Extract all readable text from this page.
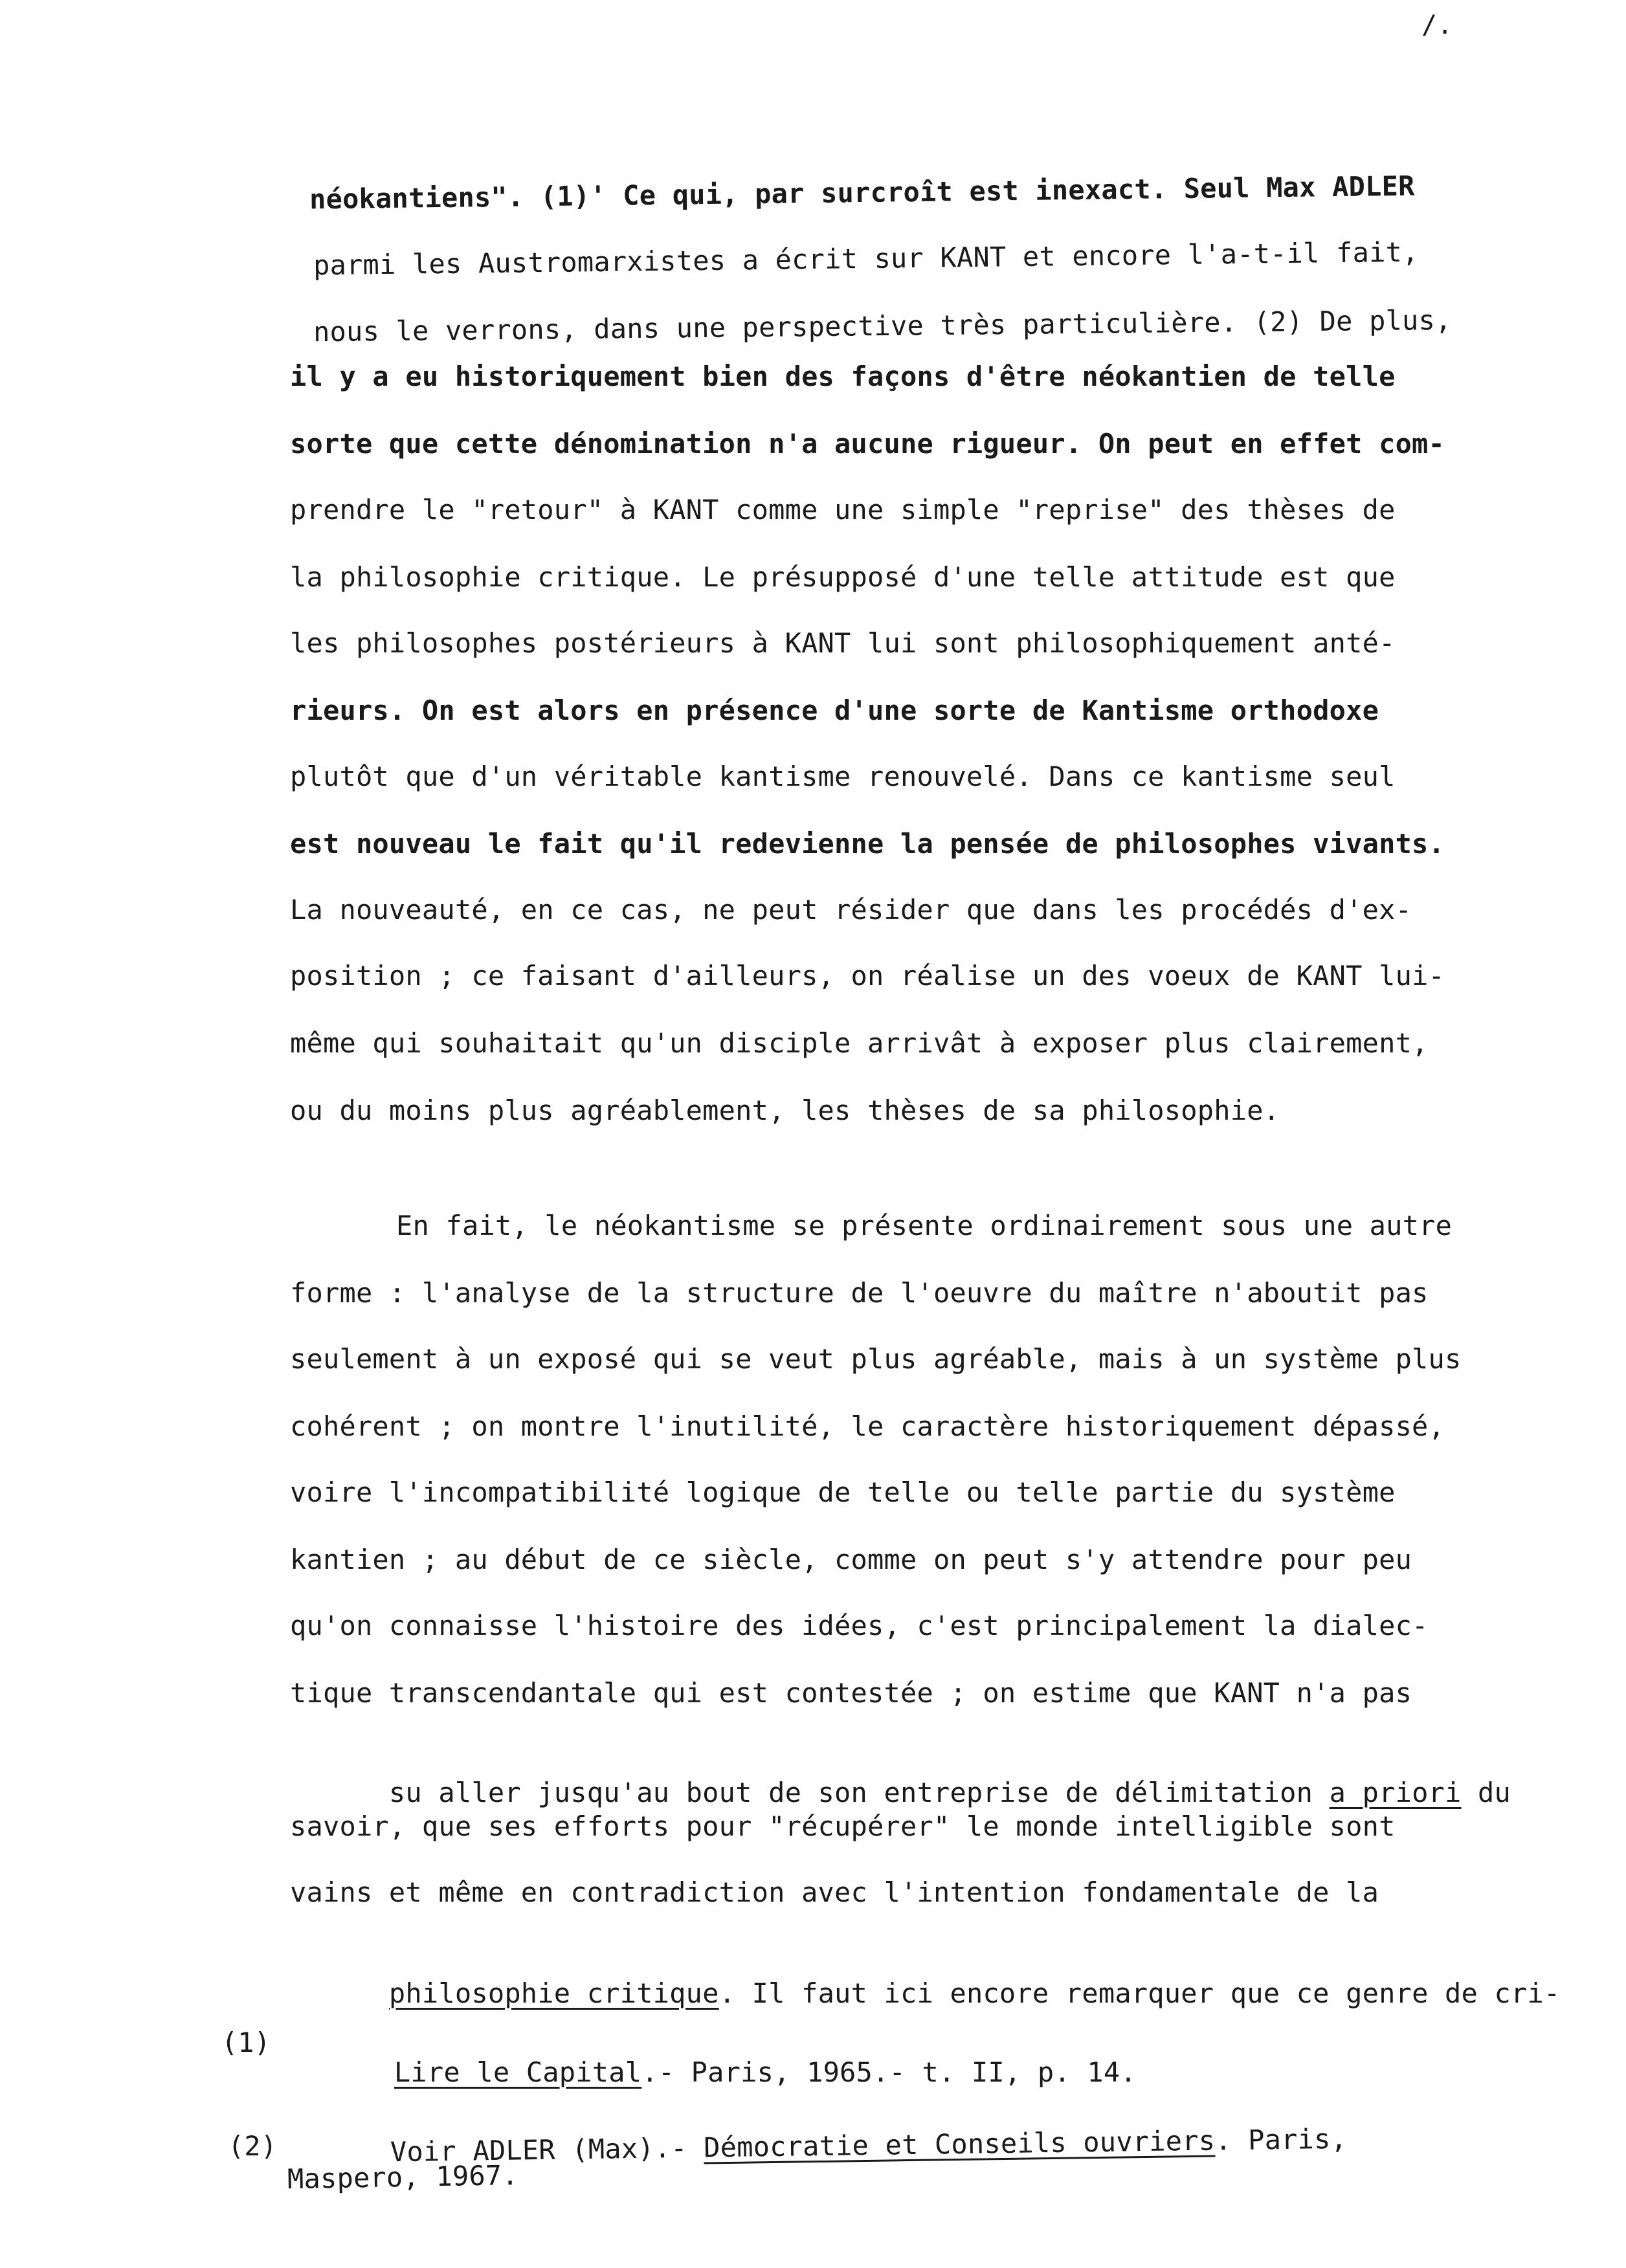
/.

néokantiens". (1)' Ce qui, par surcroît est inexact. Seul Max ADLER

parmi les Austromarxistes a écrit sur KANT et encore l'a-t-il fait,

nous le verrons, dans une perspective très particulière. (2) De plus,

il y a eu historiquement bien des façons d'être néokantien de telle

sorte que cette dénomination n'a aucune rigueur. On peut en effet com-

prendre le "retour" à KANT comme une simple "reprise" des thèses de

la philosophie critique. Le présupposé d'une telle attitude est que

les philosophes postérieurs à KANT lui sont philosophiquement anté-

rieurs. On est alors en présence d'une sorte de Kantisme orthodoxe

plutôt que d'un véritable kantisme renouvelé. Dans ce kantisme seul

est nouveau le fait qu'il redevienne la pensée de philosophes vivants.

La nouveauté, en ce cas, ne peut résider que dans les procédés d'ex-

position ; ce faisant d'ailleurs, on réalise un des voeux de KANT lui-

même qui souhaitait qu'un disciple arrivât à exposer plus clairement,

ou du moins plus agréablement, les thèses de sa philosophie.

En fait, le néokantisme se présente ordinairement sous une autre

forme : l'analyse de la structure de l'oeuvre du maître n'aboutit pas

seulement à un exposé qui se veut plus agréable, mais à un système plus

cohérent ; on montre l'inutilité, le caractère historiquement dépassé,

voire l'incompatibilité logique de telle ou telle partie du système

kantien ; au début de ce siècle, comme on peut s'y attendre pour peu

qu'on connaisse l'histoire des idées, c'est principalement la dialec-

tique transcendantale qui est contestée ; on estime que KANT n'a pas

su aller jusqu'au bout de son entreprise de délimitation a priori du

savoir, que ses efforts pour "récupérer" le monde intelligible sont

vains et même en contradiction avec l'intention fondamentale de la

philosophie critique. Il faut ici encore remarquer que ce genre de cri-

(1)

Lire le Capital.- Paris, 1965.- t. II, p. 14.

(2)	Voir ADLER (Max).- Démocratie et Conseils ouvriers. Paris,

Maspero, 1967.
